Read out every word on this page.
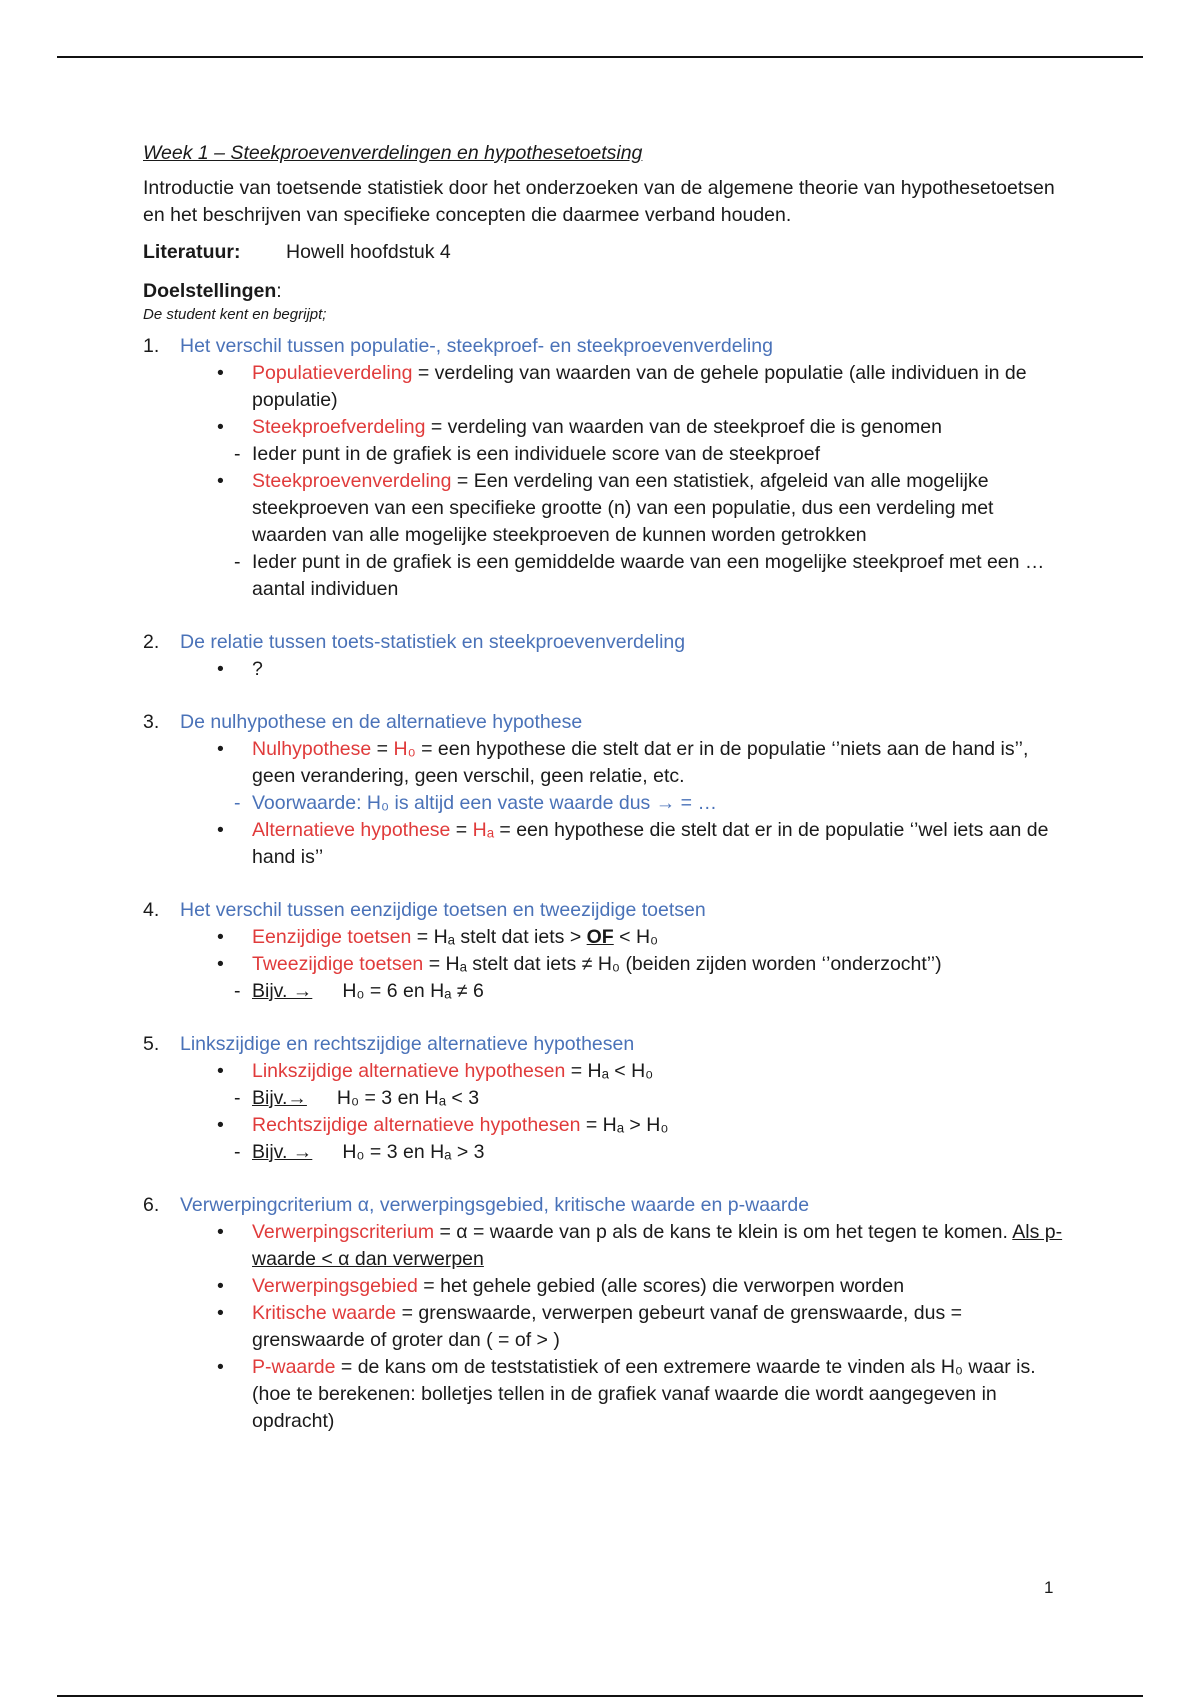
Week 1 – Steekproevenverdelingen en hypothesetoetsing

Introductie van toetsende statistiek door het onderzoeken van de algemene theorie van hypothesetoetsen en het beschrijven van specifieke concepten die daarmee verband houden.

Literatuur: Howell hoofdstuk 4

Doelstellingen:

De student kent en begrijpt;

1. Het verschil tussen populatie-, steekproef- en steekproevenverdeling
• Populatieverdeling = verdeling van waarden van de gehele populatie (alle individuen in de populatie)
• Steekproefverdeling = verdeling van waarden van de steekproef die is genomen
- Ieder punt in de grafiek is een individuele score van de steekproef
• Steekproevenverdeling = Een verdeling van een statistiek, afgeleid van alle mogelijke steekproeven van een specifieke grootte (n) van een populatie, dus een verdeling met waarden van alle mogelijke steekproeven de kunnen worden getrokken
- Ieder punt in de grafiek is een gemiddelde waarde van een mogelijke steekproef met een … aantal individuen
2. De relatie tussen toets-statistiek en steekproevenverdeling
• ?
3. De nulhypothese en de alternatieve hypothese
• Nulhypothese = H₀ = een hypothese die stelt dat er in de populatie ‘’niets aan de hand is’’, geen verandering, geen verschil, geen relatie, etc.
- Voorwaarde: H₀ is altijd een vaste waarde dus → = …
• Alternatieve hypothese = Hₐ = een hypothese die stelt dat er in de populatie ‘’wel iets aan de hand is’’
4. Het verschil tussen eenzijdige toetsen en tweezijdige toetsen
• Eenzijdige toetsen = Hₐ stelt dat iets > OF < H₀
• Tweezijdige toetsen = Hₐ stelt dat iets ≠ H₀ (beiden zijden worden ‘’onderzocht’’)
- Bijv. → H₀ = 6 en Hₐ ≠ 6
5. Linkszijdige en rechtszijdige alternatieve hypothesen
• Linkszijdige alternatieve hypothesen = Hₐ < H₀
- Bijv.→ H₀ = 3 en Hₐ < 3
• Rechtszijdige alternatieve hypothesen = Hₐ > H₀
- Bijv. → H₀ = 3 en Hₐ > 3
6. Verwerpingcriterium α, verwerpingsgebied, kritische waarde en p-waarde
• Verwerpingscriterium = α = waarde van p als de kans te klein is om het tegen te komen. Als p-waarde < α dan verwerpen
• Verwerpingsgebied = het gehele gebied (alle scores) die verworpen worden
• Kritische waarde = grenswaarde, verwerpen gebeurt vanaf de grenswaarde, dus = grenswaarde of groter dan ( = of > )
• P-waarde = de kans om de teststatistiek of een extremere waarde te vinden als H₀ waar is. (hoe te berekenen: bolletjes tellen in de grafiek vanaf waarde die wordt aangegeven in opdracht)
1
